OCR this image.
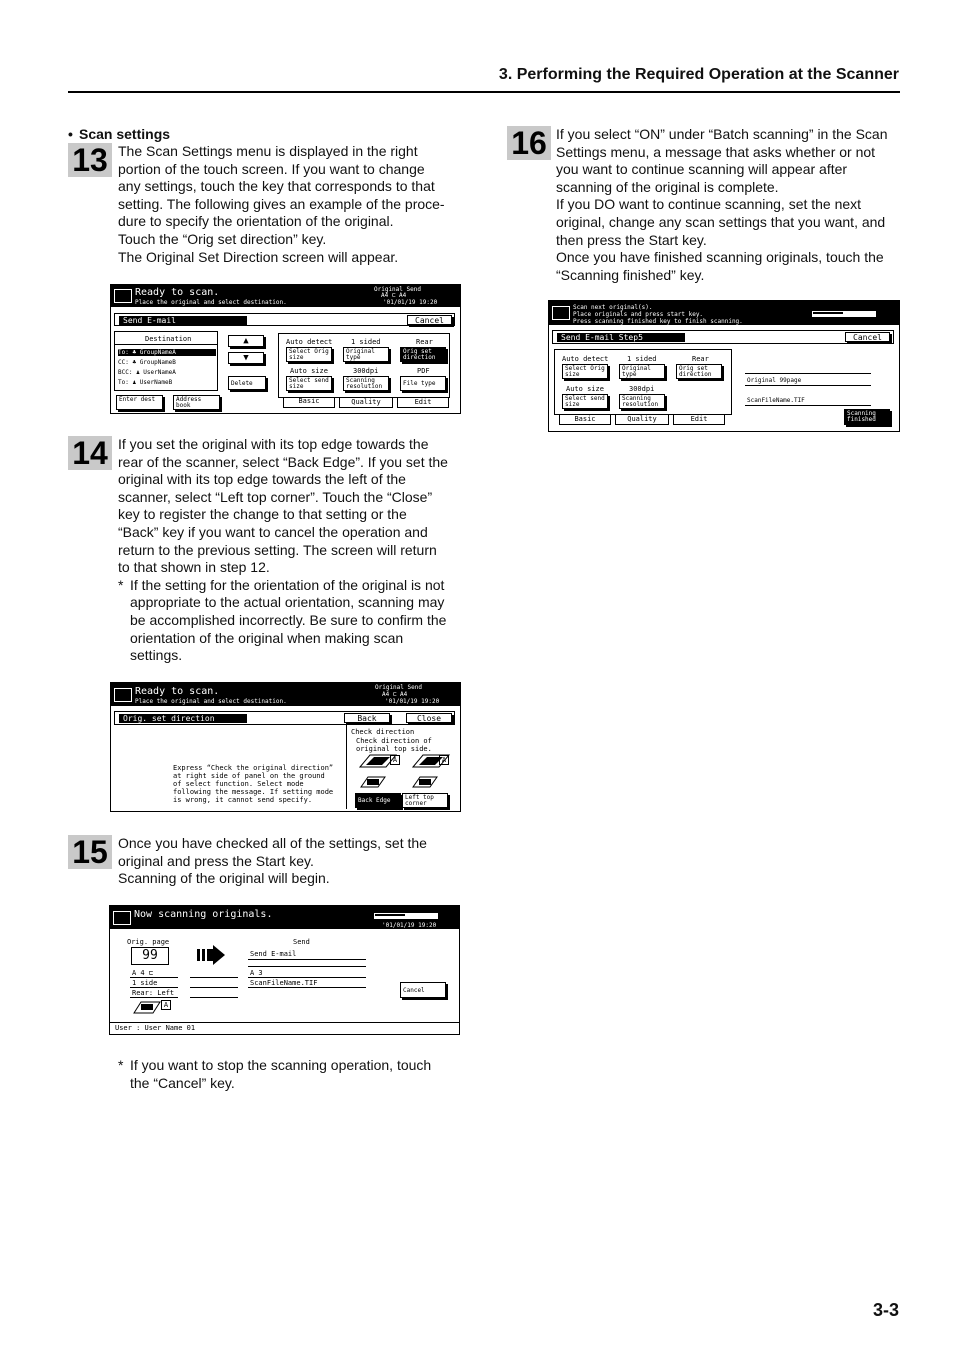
3. Performing the Required Operation at the Scanner
13
• Scan settings

The Scan Settings menu is displayed in the right

portion of the touch screen. If you want to change

any settings, touch the key that corresponds to that

setting. The following gives an example of the proce-

dure to specify the orientation of the original.

Touch the “Orig set direction” key.

The Original Set Direction screen will appear.

Ready to scan.
Place the original and select destination.
Original Send
A4 ⊏ A4
'01/01/19 19:20
Send E-mail	Cancel
Destination
To: ♣ GroupNameA
CC: ♣ GroupNameB
BCC: ♟ UserNameA
To: ♟ UserNameB
▲
▼
Delete
Enter dest	Address book
Auto detect	1 sided	Rear
Select Orig size
Original type
Orig set direction
Auto size	300dpi	PDF
Select send size
Scanning resolution	File type
Basic	Quality	Edit
14 If you set the original with its top edge towards the

rear of the scanner, select “Back Edge”. If you set the

original with its top edge towards the left of the

scanner, select “Left top corner”. Touch the “Close”

key to register the change to that setting or the

“Back” key if you want to cancel the operation and

return to the previous setting. The screen will return

to that shown in step 12.

* If the setting for the orientation of the original is not

appropriate to the actual orientation, scanning may

be accomplished incorrectly. Be sure to confirm the

orientation of the original when making scan

settings.

Ready to scan.
Place the original and select destination.
Original Send
A4 ⊏ A4
'01/01/19 19:20
Orig. set direction	Back	Close
Check direction
Check direction of
original top side.
Express “Check the original direction”
at right side of panel on the ground
of select function. Select mode
following the message. If setting mode
is wrong, it cannot send specify.
A	A
Back Edge	Left top corner
15 Once you have checked all of the settings, set the

original and press the Start key.

Scanning of the original will begin.

Now scanning originals.
'01/01/19 19:20
Orig. page
99
Send
Send E-mail
A 4 ⊏	A 3
1 side	ScanFileName.TIF
Rear: Left
A
Cancel
User : User Name 01
* If you want to stop the scanning operation, touch

the “Cancel” key.

16 If you select “ON” under “Batch scanning” in the Scan

Settings menu, a message that asks whether or not

you want to continue scanning will appear after

scanning of the original is complete.

If you DO want to continue scanning, set the next

original, change any scan settings that you want, and

then press the Start key.

Once you have finished scanning originals, touch the

“Scanning finished” key.

Scan next original(s).
Place originals and press start key.
Press scanning finished key to finish scanning.
Send E-mail Step5	Cancel
Auto detect	1 sided	Rear
Select Orig size
Original type
Orig set direction
Auto size	300dpi
Select send size
Scanning resolution
Basic	Quality	Edit
Original 99page
ScanFileName.TIF
Scanning finished
3-3
